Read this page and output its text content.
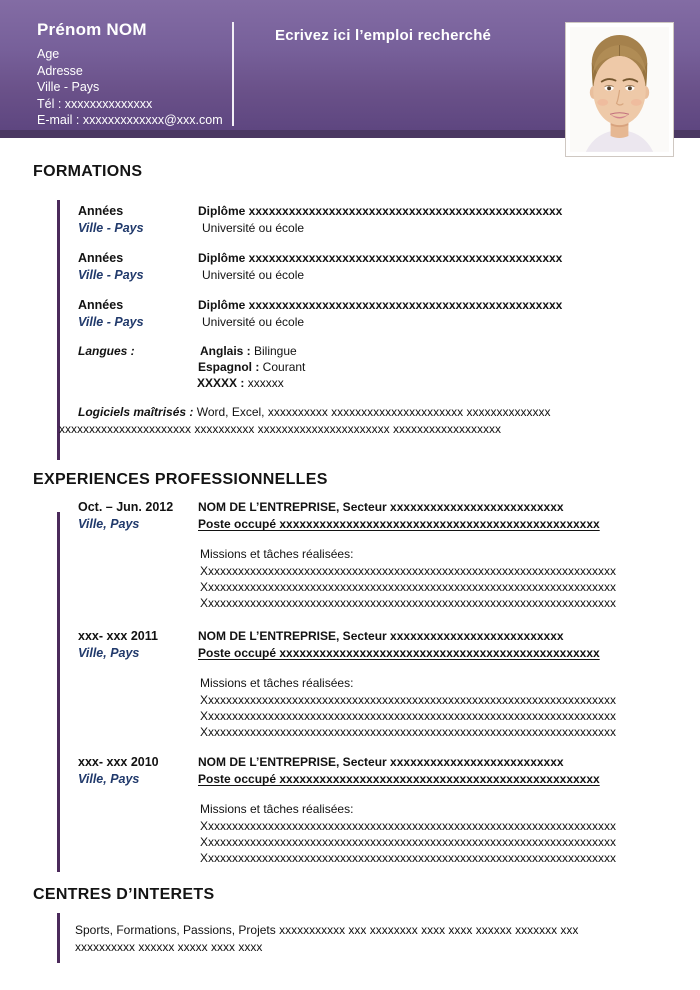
Prénom NOM
Age
Adresse
Ville - Pays
Tél : xxxxxxxxxxxxxx
E-mail : xxxxxxxxxxxxx@xxx.com
Ecrivez ici l’emploi recherché
FORMATIONS
Années
Ville - Pays
Diplôme xxxxxxxxxxxxxxxxxxxxxxxxxxxxxxxxxxxxxxxxxxxxxxx
Université ou école
Années
Ville - Pays
Diplôme xxxxxxxxxxxxxxxxxxxxxxxxxxxxxxxxxxxxxxxxxxxxxxx
Université ou école
Années
Ville - Pays
Diplôme xxxxxxxxxxxxxxxxxxxxxxxxxxxxxxxxxxxxxxxxxxxxxxx
Université ou école
Langues :	Anglais : Bilingue
Espagnol : Courant
XXXXX : xxxxxx

Logiciels maîtrisés : Word, Excel, xxxxxxxxxx xxxxxxxxxxxxxxxxxxxxxx xxxxxxxxxxxxxx xxxxxxxxxxxxxxxxxxxxxx xxxxxxxxxx xxxxxxxxxxxxxxxxxxxxxx xxxxxxxxxxxxxxxxxx

EXPERIENCES PROFESSIONNELLES
Oct. – Jun. 2012
Ville, Pays
NOM DE L’ENTREPRISE, Secteur xxxxxxxxxxxxxxxxxxxxxxxxxx
Poste occupé xxxxxxxxxxxxxxxxxxxxxxxxxxxxxxxxxxxxxxxxxxxxxxxx
Missions et tâches réalisées:
Xxxxxxxxxxxxxxxxxxxxxxxxxxxxxxxxxxxxxxxxxxxxxxxxxxxxxxxxxxxxxxxxxxxxx
Xxxxxxxxxxxxxxxxxxxxxxxxxxxxxxxxxxxxxxxxxxxxxxxxxxxxxxxxxxxxxxxxxxxxx
Xxxxxxxxxxxxxxxxxxxxxxxxxxxxxxxxxxxxxxxxxxxxxxxxxxxxxxxxxxxxxxxxxxxxx
xxx- xxx 2011
Ville, Pays
NOM DE L’ENTREPRISE, Secteur xxxxxxxxxxxxxxxxxxxxxxxxxx
Poste occupé xxxxxxxxxxxxxxxxxxxxxxxxxxxxxxxxxxxxxxxxxxxxxxxx
Missions et tâches réalisées:
Xxxxxxxxxxxxxxxxxxxxxxxxxxxxxxxxxxxxxxxxxxxxxxxxxxxxxxxxxxxxxxxxxxxxx
Xxxxxxxxxxxxxxxxxxxxxxxxxxxxxxxxxxxxxxxxxxxxxxxxxxxxxxxxxxxxxxxxxxxxx
Xxxxxxxxxxxxxxxxxxxxxxxxxxxxxxxxxxxxxxxxxxxxxxxxxxxxxxxxxxxxxxxxxxxxx
xxx- xxx 2010
Ville, Pays
NOM DE L’ENTREPRISE, Secteur xxxxxxxxxxxxxxxxxxxxxxxxxx
Poste occupé xxxxxxxxxxxxxxxxxxxxxxxxxxxxxxxxxxxxxxxxxxxxxxxx
Missions et tâches réalisées:
Xxxxxxxxxxxxxxxxxxxxxxxxxxxxxxxxxxxxxxxxxxxxxxxxxxxxxxxxxxxxxxxxxxxxx
Xxxxxxxxxxxxxxxxxxxxxxxxxxxxxxxxxxxxxxxxxxxxxxxxxxxxxxxxxxxxxxxxxxxxx
Xxxxxxxxxxxxxxxxxxxxxxxxxxxxxxxxxxxxxxxxxxxxxxxxxxxxxxxxxxxxxxxxxxxxx
CENTRES D’INTERETS

Sports, Formations, Passions, Projets xxxxxxxxxxx xxx xxxxxxxx xxxx xxxx xxxxxx xxxxxxx xxx xxxxxxxxxx xxxxxx xxxxx xxxx xxxx
